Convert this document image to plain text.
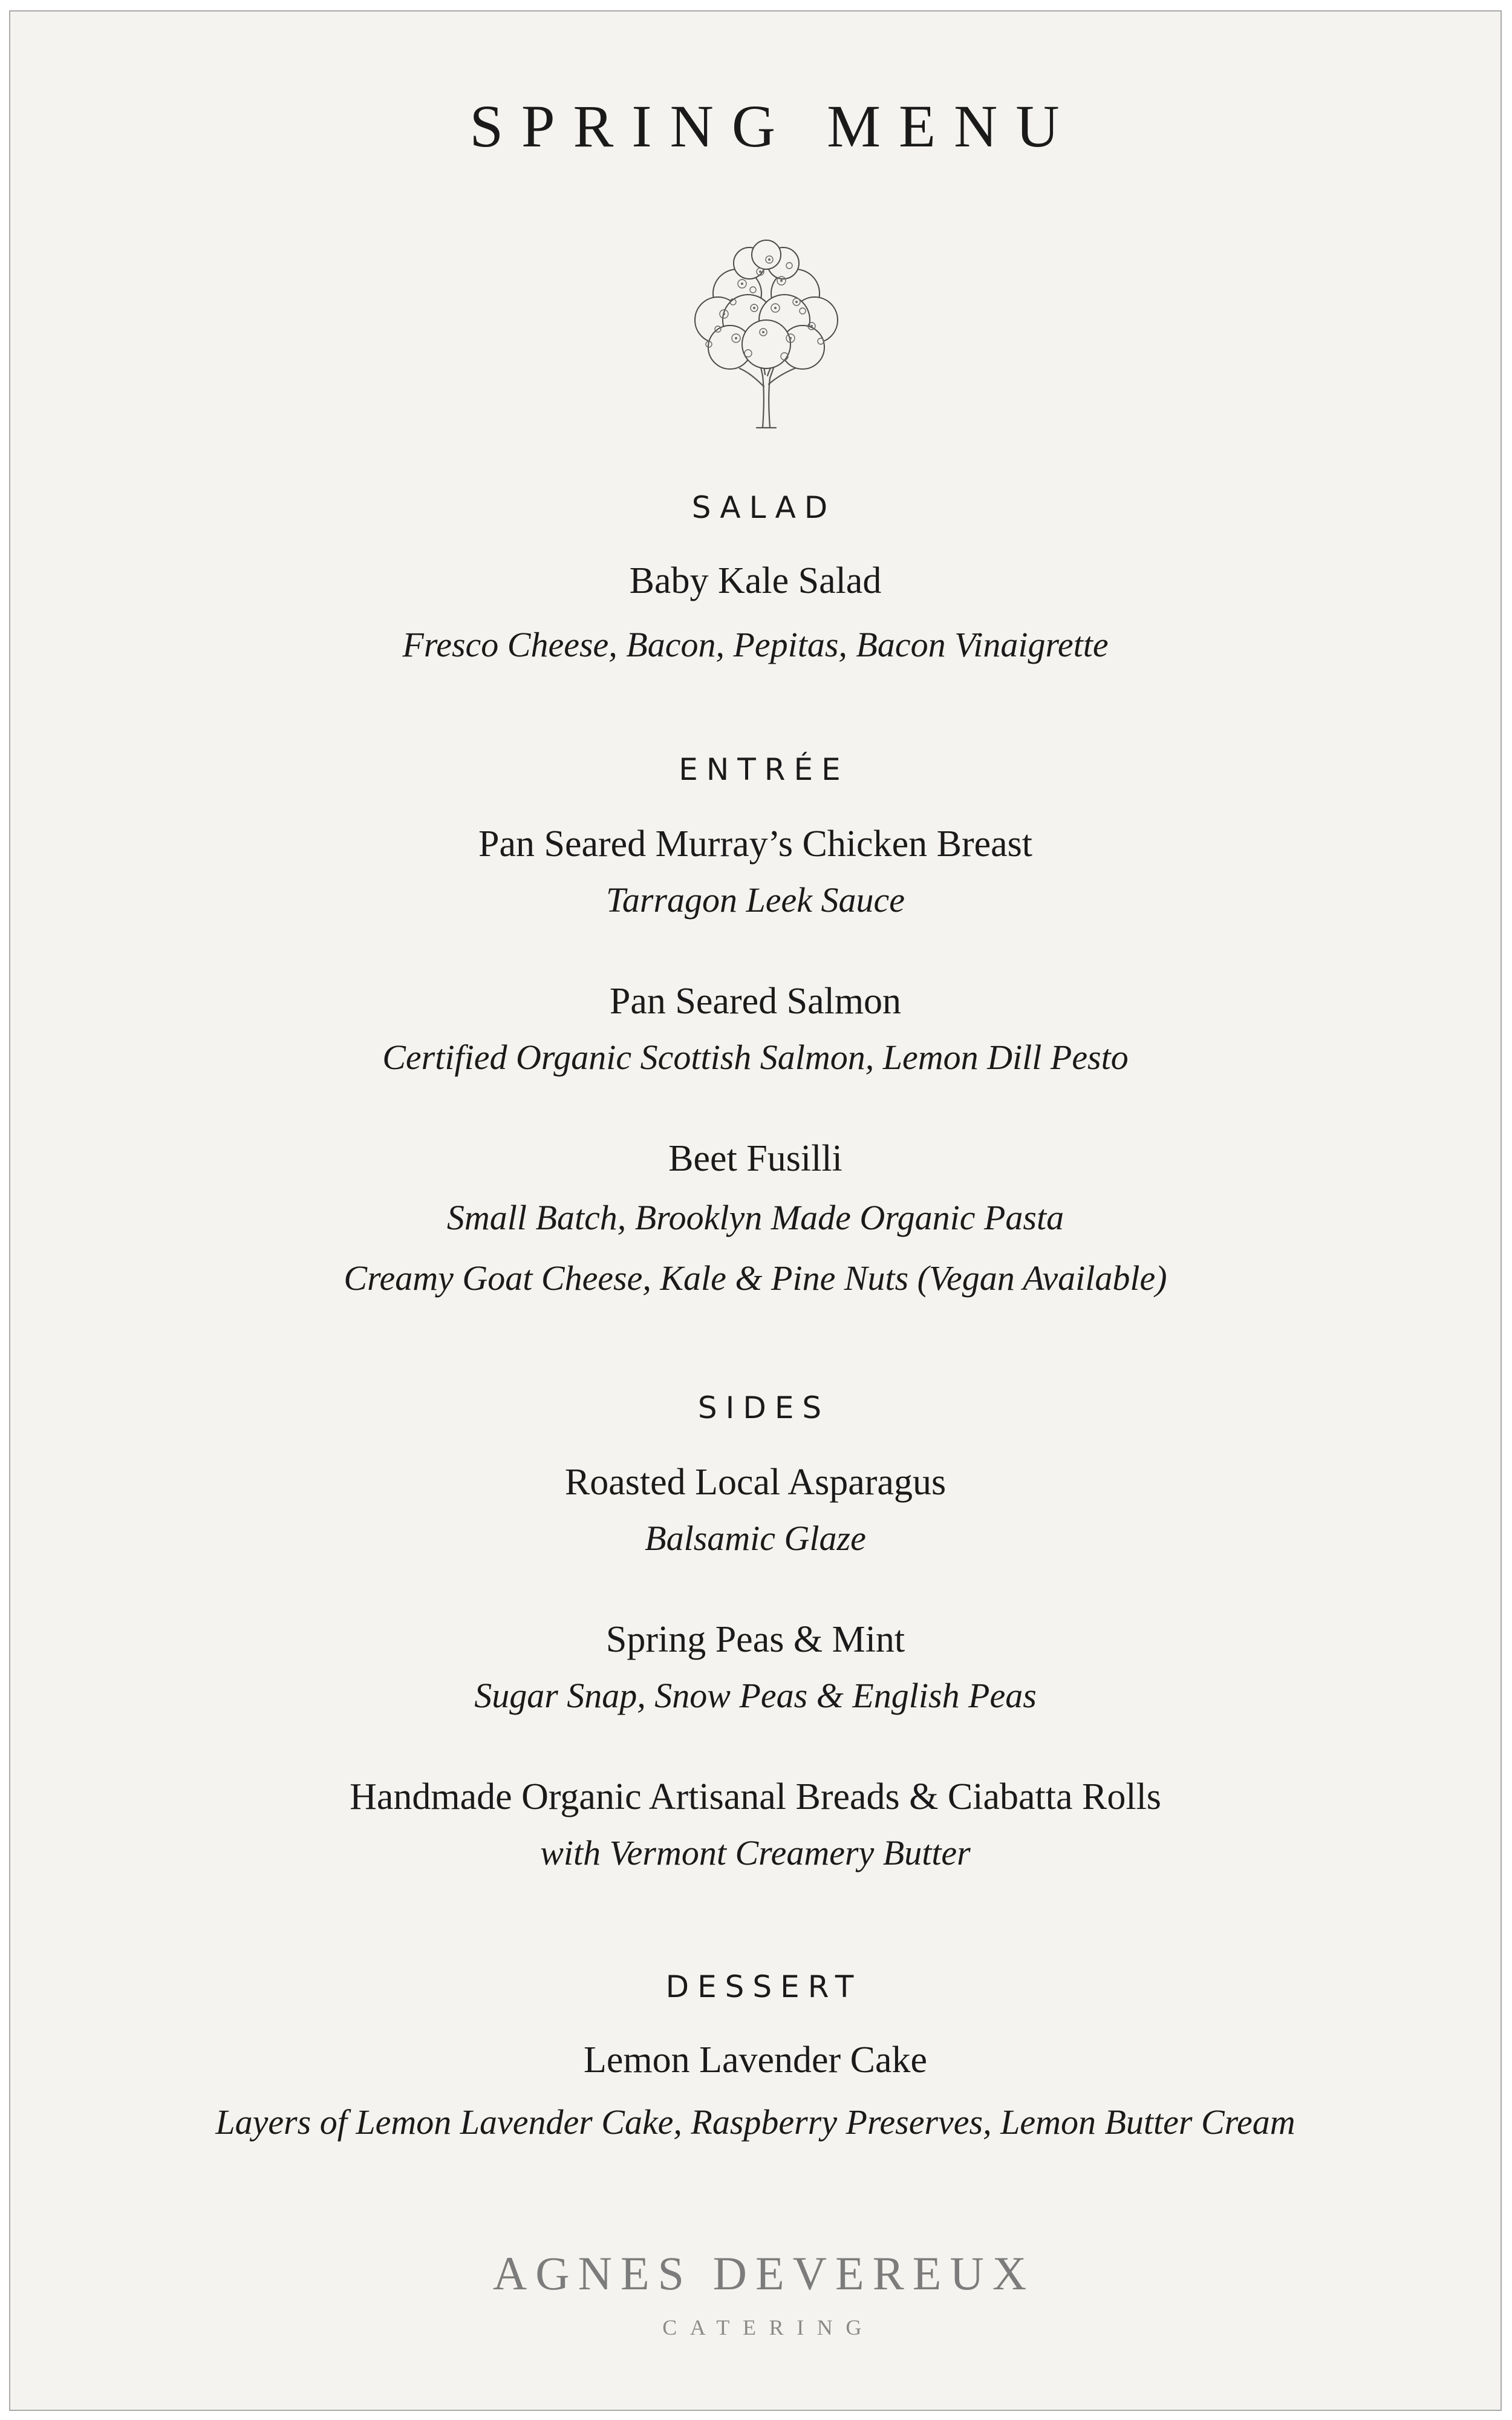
SPRING MENU
SALAD
Baby Kale Salad
Fresco Cheese, Bacon, Pepitas, Bacon Vinaigrette
ENTRÉE
Pan Seared Murray’s Chicken Breast
Tarragon Leek Sauce
Pan Seared Salmon
Certified Organic Scottish Salmon, Lemon Dill Pesto
Beet Fusilli
Small Batch, Brooklyn Made Organic Pasta
Creamy Goat Cheese, Kale & Pine Nuts (Vegan Available)
SIDES
Roasted Local Asparagus
Balsamic Glaze
Spring Peas & Mint
Sugar Snap, Snow Peas & English Peas
Handmade Organic Artisanal Breads & Ciabatta Rolls
with Vermont Creamery Butter
DESSERT
Lemon Lavender Cake
Layers of Lemon Lavender Cake, Raspberry Preserves, Lemon Butter Cream
AGNES DEVEREUX
CATERING
